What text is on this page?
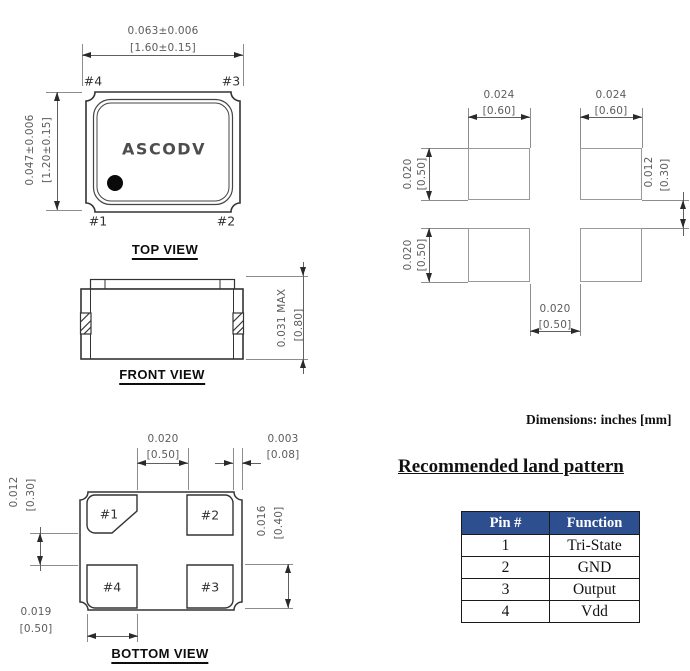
0.063±0.006
[1.60±0.15]
0.047±0.006 [1.20±0.15]	ASCODV
#4	#3
#1	#2
TOP VIEW
0.031 MAX [0.80]
FRONT VIEW
0.020
[0.50]
0.003
[0.08]
0.012 [0.30]
0.016 [0.40]
0.019
[0.50]
#1	#2
#4	#3
BOTTOM VIEW
0.024
[0.60]
0.024
[0.60]
0.020 [0.50]
0.020 [0.50]
0.012 [0.30]
0.020
[0.50]
Dimensions: inches [mm]
Recommended land pattern
Pin #	Function
1	Tri-State
2	GND
3	Output
4	Vdd
